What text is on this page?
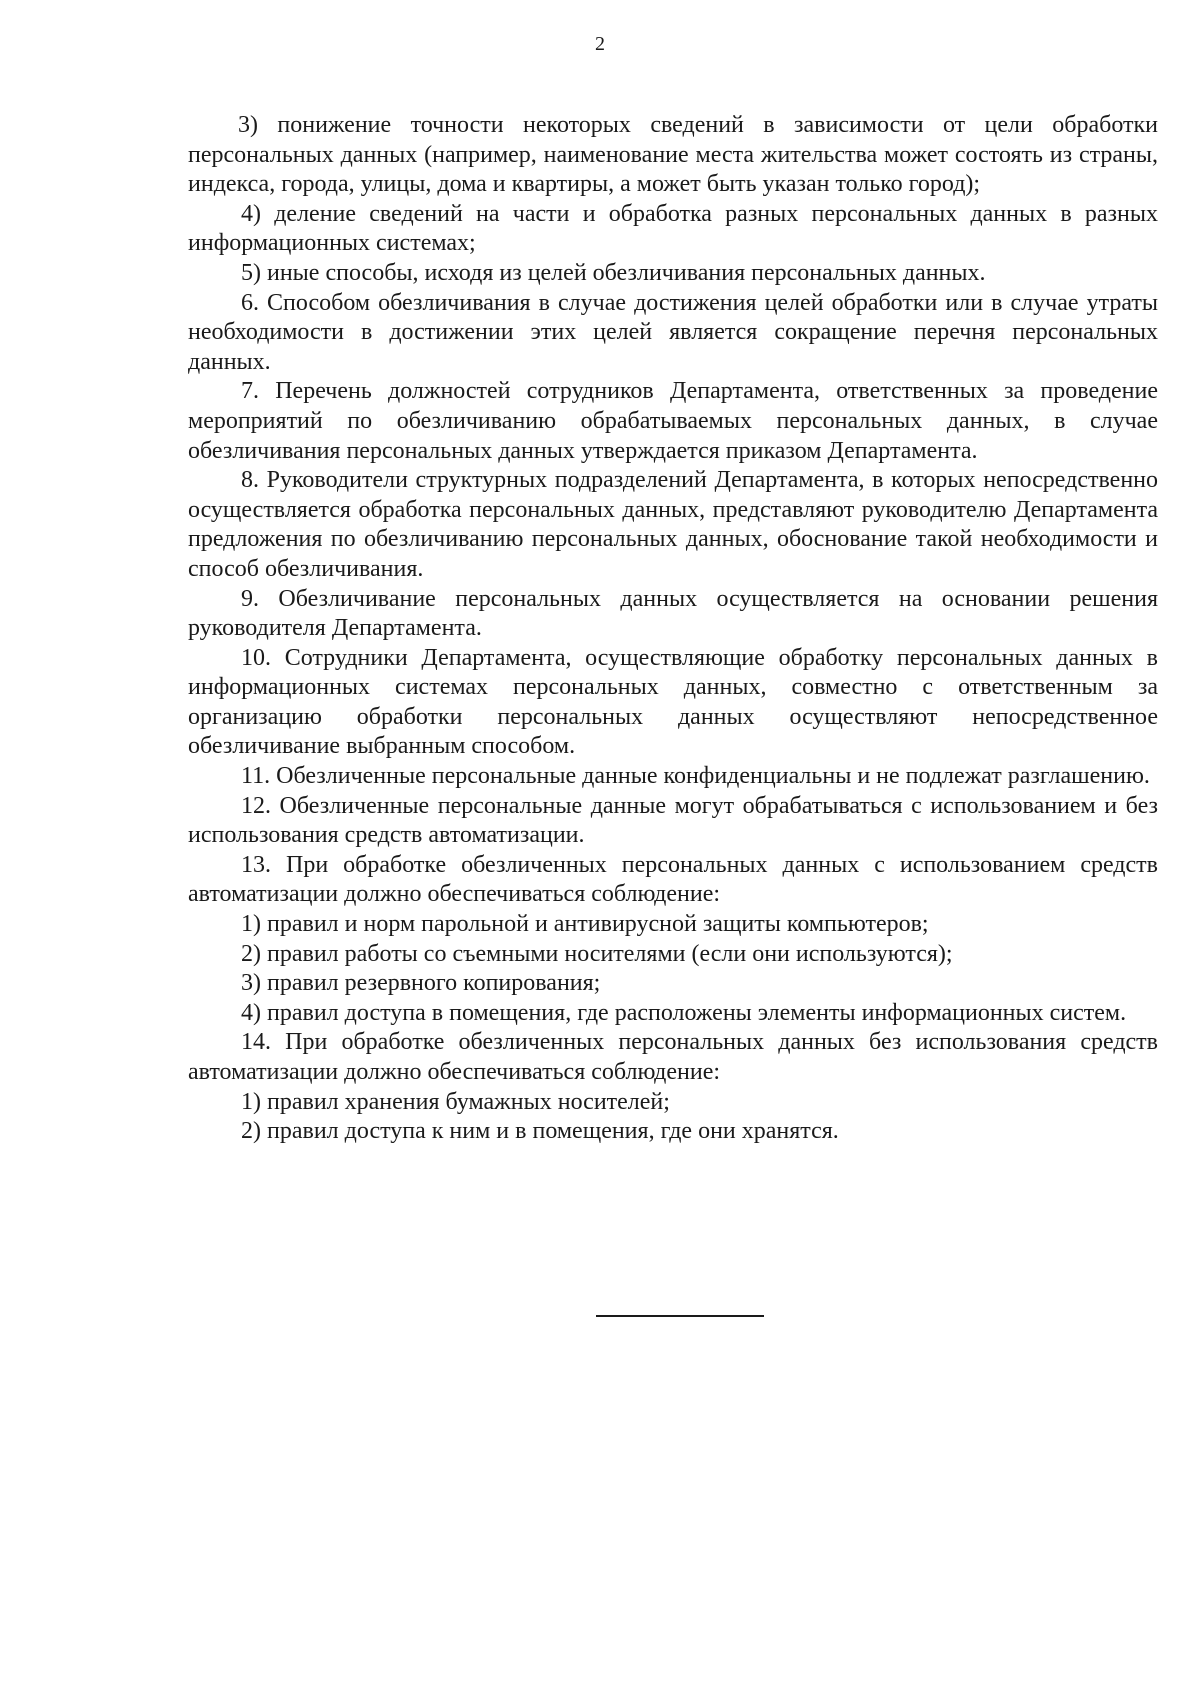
2

3) понижение точности некоторых сведений в зависимости от цели обработки персональных данных (например, наименование места жительства может состоять из страны, индекса, города, улицы, дома и квартиры, а может быть указан только город);

4) деление сведений на части и обработка разных персональных данных в разных информационных системах;

5) иные способы, исходя из целей обезличивания персональных данных.

6. Способом обезличивания в случае достижения целей обработки или в случае утраты необходимости в достижении этих целей является сокращение перечня персональных данных.

7. Перечень должностей сотрудников Департамента, ответственных за проведение мероприятий по обезличиванию обрабатываемых персональных данных, в случае обезличивания персональных данных утверждается приказом Департамента.

8. Руководители структурных подразделений Департамента, в которых непосредственно осуществляется обработка персональных данных, представляют руководителю Департамента предложения по обезличиванию персональных данных, обоснование такой необходимости и способ обезличивания.

9. Обезличивание персональных данных осуществляется на основании решения руководителя Департамента.

10. Сотрудники Департамента, осуществляющие обработку персональных данных в информационных системах персональных данных, совместно с ответственным за организацию обработки персональных данных осуществляют непосредственное обезличивание выбранным способом.

11. Обезличенные персональные данные конфиденциальны и не подлежат разглашению.

12. Обезличенные персональные данные могут обрабатываться с использованием и без использования средств автоматизации.

13. При обработке обезличенных персональных данных с использованием средств автоматизации должно обеспечиваться соблюдение:

1) правил и норм парольной и антивирусной защиты компьютеров;

2) правил работы со съемными носителями (если они используются);

3) правил резервного копирования;

4) правил доступа в помещения, где расположены элементы информационных систем.

14. При обработке обезличенных персональных данных без использования средств автоматизации должно обеспечиваться соблюдение:

1) правил хранения бумажных носителей;

2) правил доступа к ним и в помещения, где они хранятся.
